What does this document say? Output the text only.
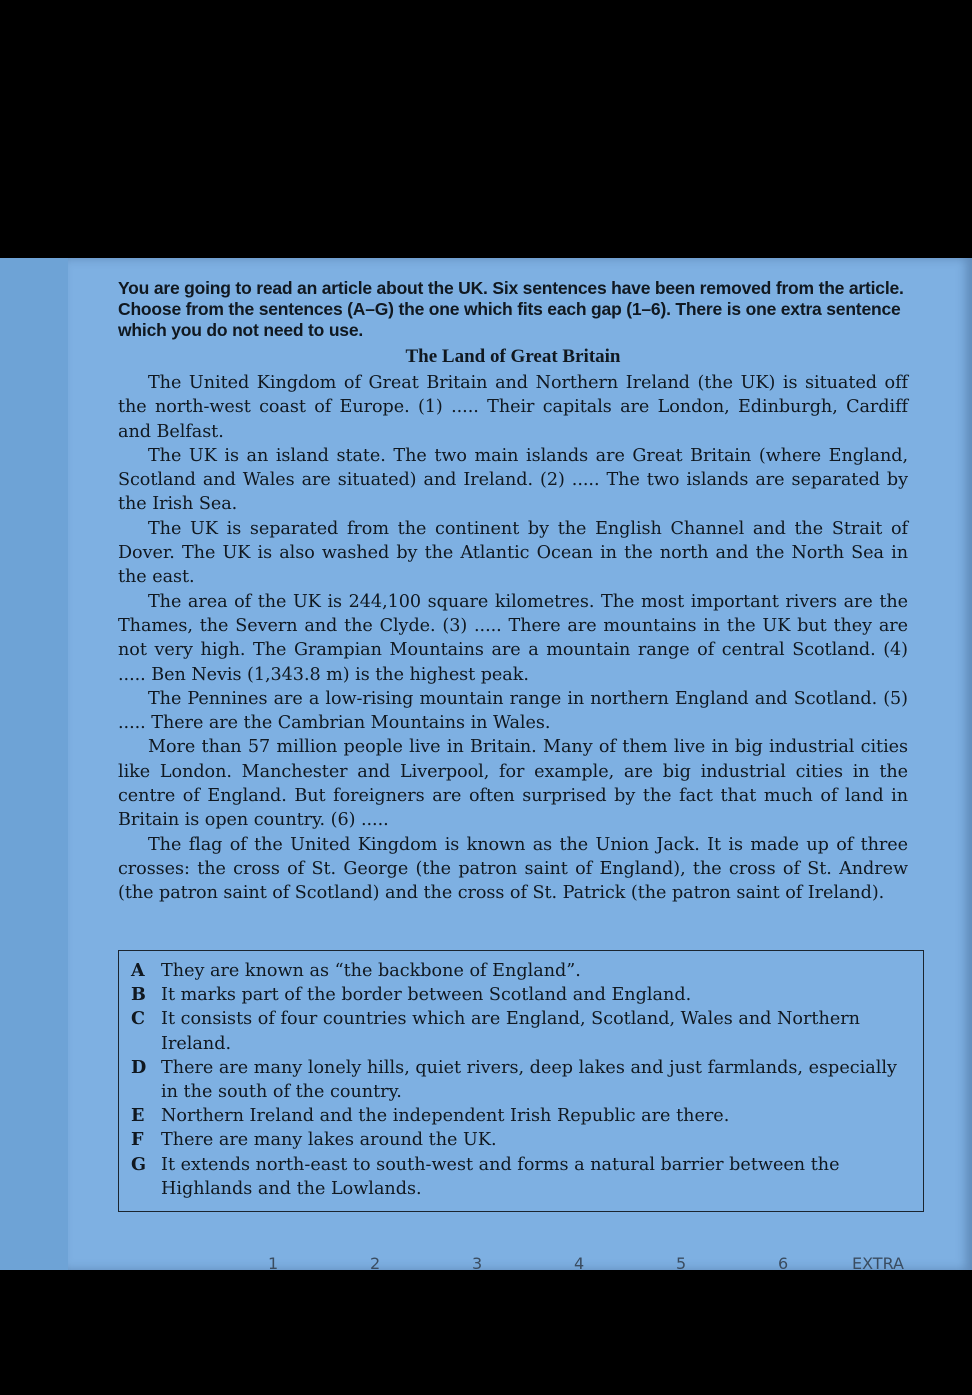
You are going to read an article about the UK. Six sentences have been removed from the article. Choose from the sentences (A–G) the one which fits each gap (1–6). There is one extra sentence which you do not need to use.

The Land of Great Britain

The United Kingdom of Great Britain and Northern Ireland (the UK) is situated off the north-west coast of Europe. (1) ..... Their capitals are London, Edinburgh, Cardiff and Belfast.

The UK is an island state. The two main islands are Great Britain (where England, Scotland and Wales are situated) and Ireland. (2) ..... The two islands are separated by the Irish Sea.

The UK is separated from the continent by the English Channel and the Strait of Dover. The UK is also washed by the Atlantic Ocean in the north and the North Sea in the east.

The area of the UK is 244,100 square kilometres. The most important rivers are the Thames, the Severn and the Clyde. (3) ..... There are mountains in the UK but they are not very high. The Grampian Mountains are a mountain range of central Scotland. (4) ..... Ben Nevis (1,343.8 m) is the highest peak.

The Pennines are a low-rising mountain range in northern England and Scotland. (5) ..... There are the Cambrian Mountains in Wales.

More than 57 million people live in Britain. Many of them live in big industrial cities like London. Manchester and Liverpool, for example, are big industrial cities in the centre of England. But foreigners are often surprised by the fact that much of land in Britain is open country. (6) .....

The flag of the United Kingdom is known as the Union Jack. It is made up of three crosses: the cross of St. George (the patron saint of England), the cross of St. Andrew (the patron saint of Scotland) and the cross of St. Patrick (the patron saint of Ireland).

A They are known as “the backbone of England”.
B It marks part of the border between Scotland and England.
C It consists of four countries which are England, Scotland, Wales and Northern Ireland.
D There are many lonely hills, quiet rivers, deep lakes and just farmlands, especially in the south of the country.
E Northern Ireland and the independent Irish Republic are there.
F There are many lakes around the UK.
G It extends north-east to south-west and forms a natural barrier between the Highlands and the Lowlands.
1	2	3	4	5	6	EXTRA
